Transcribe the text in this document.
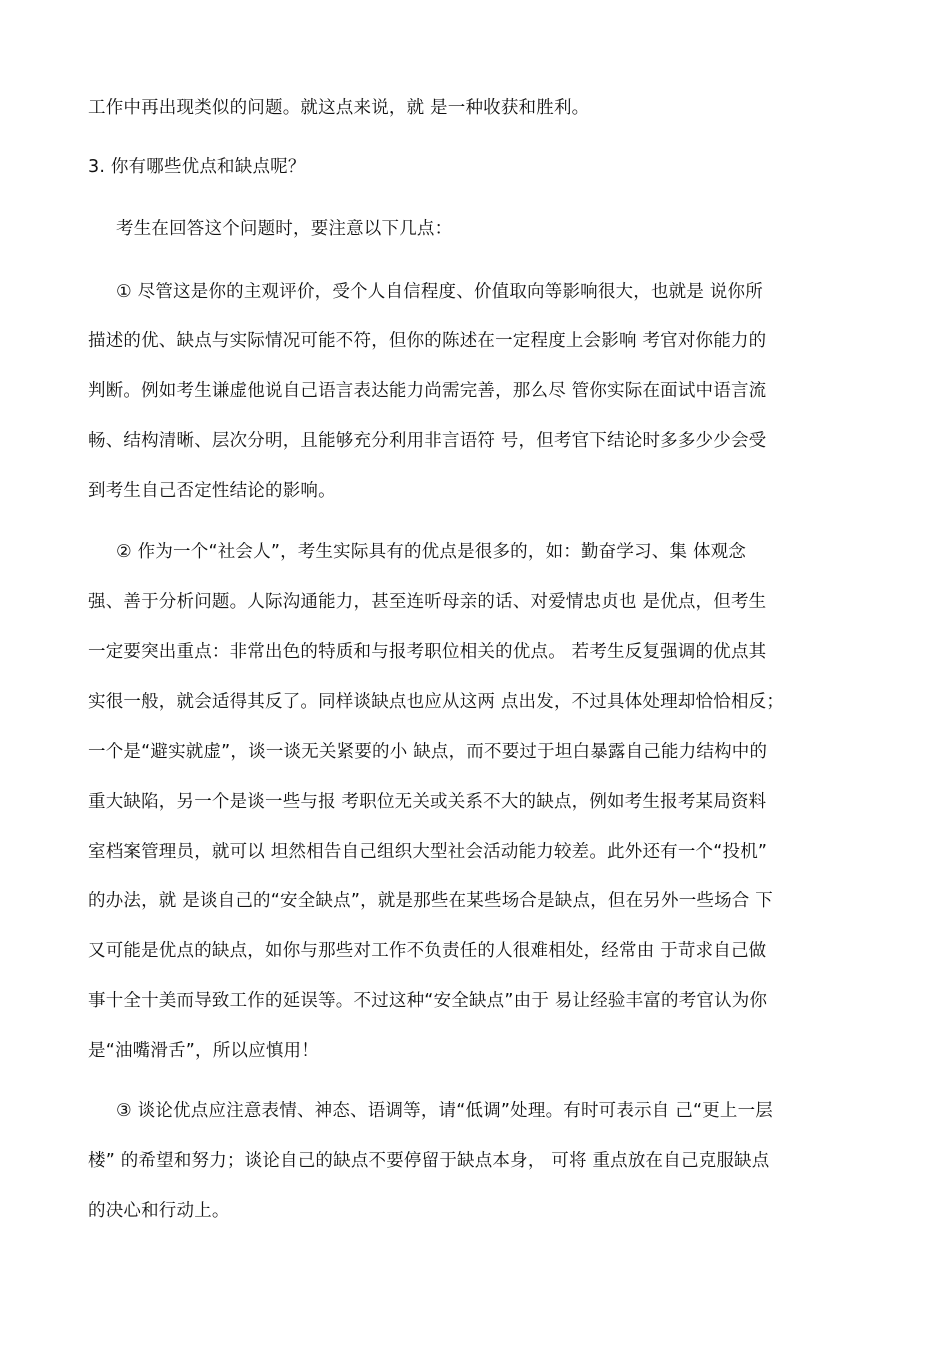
工作中再出现类似的问题。就这点来说，就 是一种收获和胜利。

3. 你有哪些优点和缺点呢？

考生在回答这个问题时，要注意以下几点：

① 尽管这是你的主观评价，受个人自信程度、价值取向等影响很大，也就是 说你所

描述的优、缺点与实际情况可能不符，但你的陈述在一定程度上会影响 考官对你能力的

判断。例如考生谦虚他说自己语言表达能力尚需完善，那么尽 管你实际在面试中语言流

畅、结构清晰、层次分明，且能够充分利用非言语符 号，但考官下结论时多多少少会受

到考生自己否定性结论的影响。

② 作为一个“社会人”，考生实际具有的优点是很多的，如：勤奋学习、集 体观念

强、善于分析问题。人际沟通能力，甚至连听母亲的话、对爱情忠贞也 是优点，但考生

一定要突出重点：非常出色的特质和与报考职位相关的优点。 若考生反复强调的优点其

实很一般，就会适得其反了。同样谈缺点也应从这两 点出发，不过具体处理却恰恰相反；

一个是“避实就虚”，谈一谈无关紧要的小 缺点，而不要过于坦白暴露自己能力结构中的

重大缺陷，另一个是谈一些与报 考职位无关或关系不大的缺点，例如考生报考某局资料

室档案管理员，就可以 坦然相告自己组织大型社会活动能力较差。此外还有一个“投机”

的办法，就 是谈自己的“安全缺点”，就是那些在某些场合是缺点，但在另外一些场合 下

又可能是优点的缺点，如你与那些对工作不负责任的人很难相处，经常由 于苛求自己做

事十全十美而导致工作的延误等。不过这种“安全缺点”由于 易让经验丰富的考官认为你

是“油嘴滑舌”，所以应慎用！

③ 谈论优点应注意表情、神态、语调等，请“低调”处理。有时可表示自 己“更上一层

楼” 的希望和努力；谈论自己的缺点不要停留于缺点本身， 可将 重点放在自己克服缺点

的决心和行动上。
